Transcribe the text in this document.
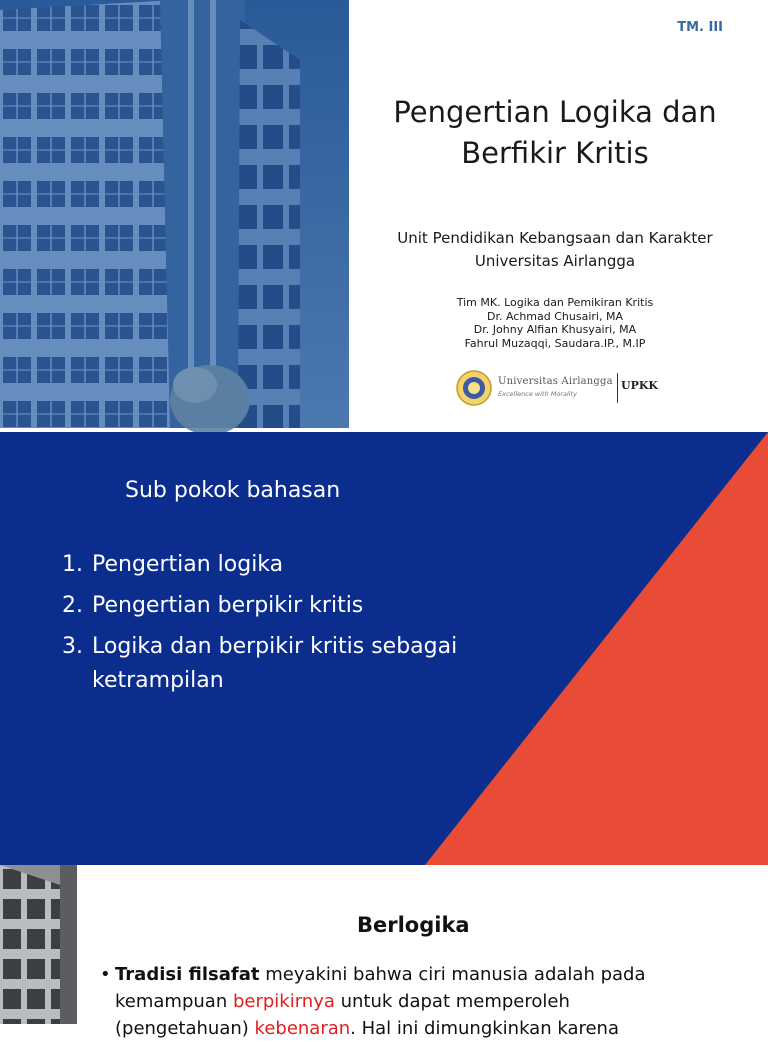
TM. III
Pengertian Logika dan
Berfikir Kritis
Unit Pendidikan Kebangsaan dan Karakter
Universitas Airlangga
Tim MK. Logika dan Pemikiran Kritis
Dr. Achmad Chusairi, MA
Dr. Johny Alfian Khusyairi, MA
Fahrul Muzaqqi, Saudara.IP., M.IP
Universitas Airlangga
Excellence with Morality
UPKK
Sub pokok bahasan
1. Pengertian logika
2. Pengertian berpikir kritis
3. Logika dan berpikir kritis sebagai ketrampilan
Berlogika
• Tradisi filsafat meyakini bahwa ciri manusia adalah pada
kemampuan berpikirnya untuk dapat memperoleh
(pengetahuan) kebenaran. Hal ini dimungkinkan karena
